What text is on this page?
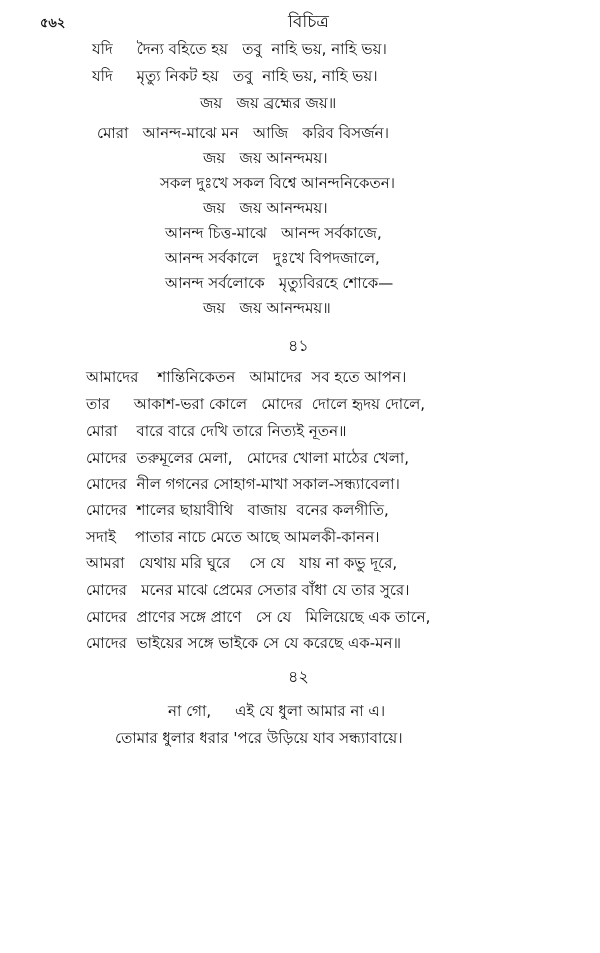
৫৬২	বিচিত্র
যদি     দৈন্য বহিতে হয়   তবু  নাহি ভয়, নাহি ভয়।
যদি     মৃত্যু নিকট হয়   তবু  নাহি ভয়, নাহি ভয়।
জয়   জয় ব্রহ্মের জয়॥
মোরা   আনন্দ-মাঝে মন   আজি   করিব বিসর্জন।
জয়   জয় আনন্দময়।
সকল দুঃখে সকল বিশ্বে আনন্দনিকেতন।
জয়   জয় আনন্দময়।
আনন্দ চিত্ত-মাঝে   আনন্দ সর্বকাজে,
আনন্দ সর্বকালে   দুঃখে বিপদজালে,
আনন্দ সর্বলোকে   মৃত্যুবিরহে শোকে—
জয়   জয় আনন্দময়॥
৪১
আমাদের    শান্তিনিকেতন   আমাদের  সব হতে আপন।
তার     আকাশ-ভরা কোলে   মোদের  দোলে হৃদয় দোলে,
মোরা    বারে বারে দেখি তারে নিত্যই নূতন॥
মোদের  তরুমূলের মেলা,   মোদের খোলা মাঠের খেলা,
মোদের  নীল গগনের সোহাগ-মাখা সকাল-সন্ধ্যাবেলা।
মোদের  শালের ছায়াবীথি   বাজায়  বনের কলগীতি,
সদাই    পাতার নাচে মেতে আছে আমলকী-কানন।
আমরা   যেথায় মরি ঘুরে    সে যে   যায় না কভু দূরে,
মোদের   মনের মাঝে প্রেমের সেতার বাঁধা যে তার সুরে।
মোদের  প্রাণের সঙ্গে প্রাণে   সে যে   মিলিয়েছে এক তানে,
মোদের  ভাইয়ের সঙ্গে ভাইকে সে যে করেছে এক-মন॥
৪২
না গো,     এই যে ধুলা আমার না এ।
তোমার ধুলার ধরার 'পরে উড়িয়ে যাব সন্ধ্যাবায়ে।
